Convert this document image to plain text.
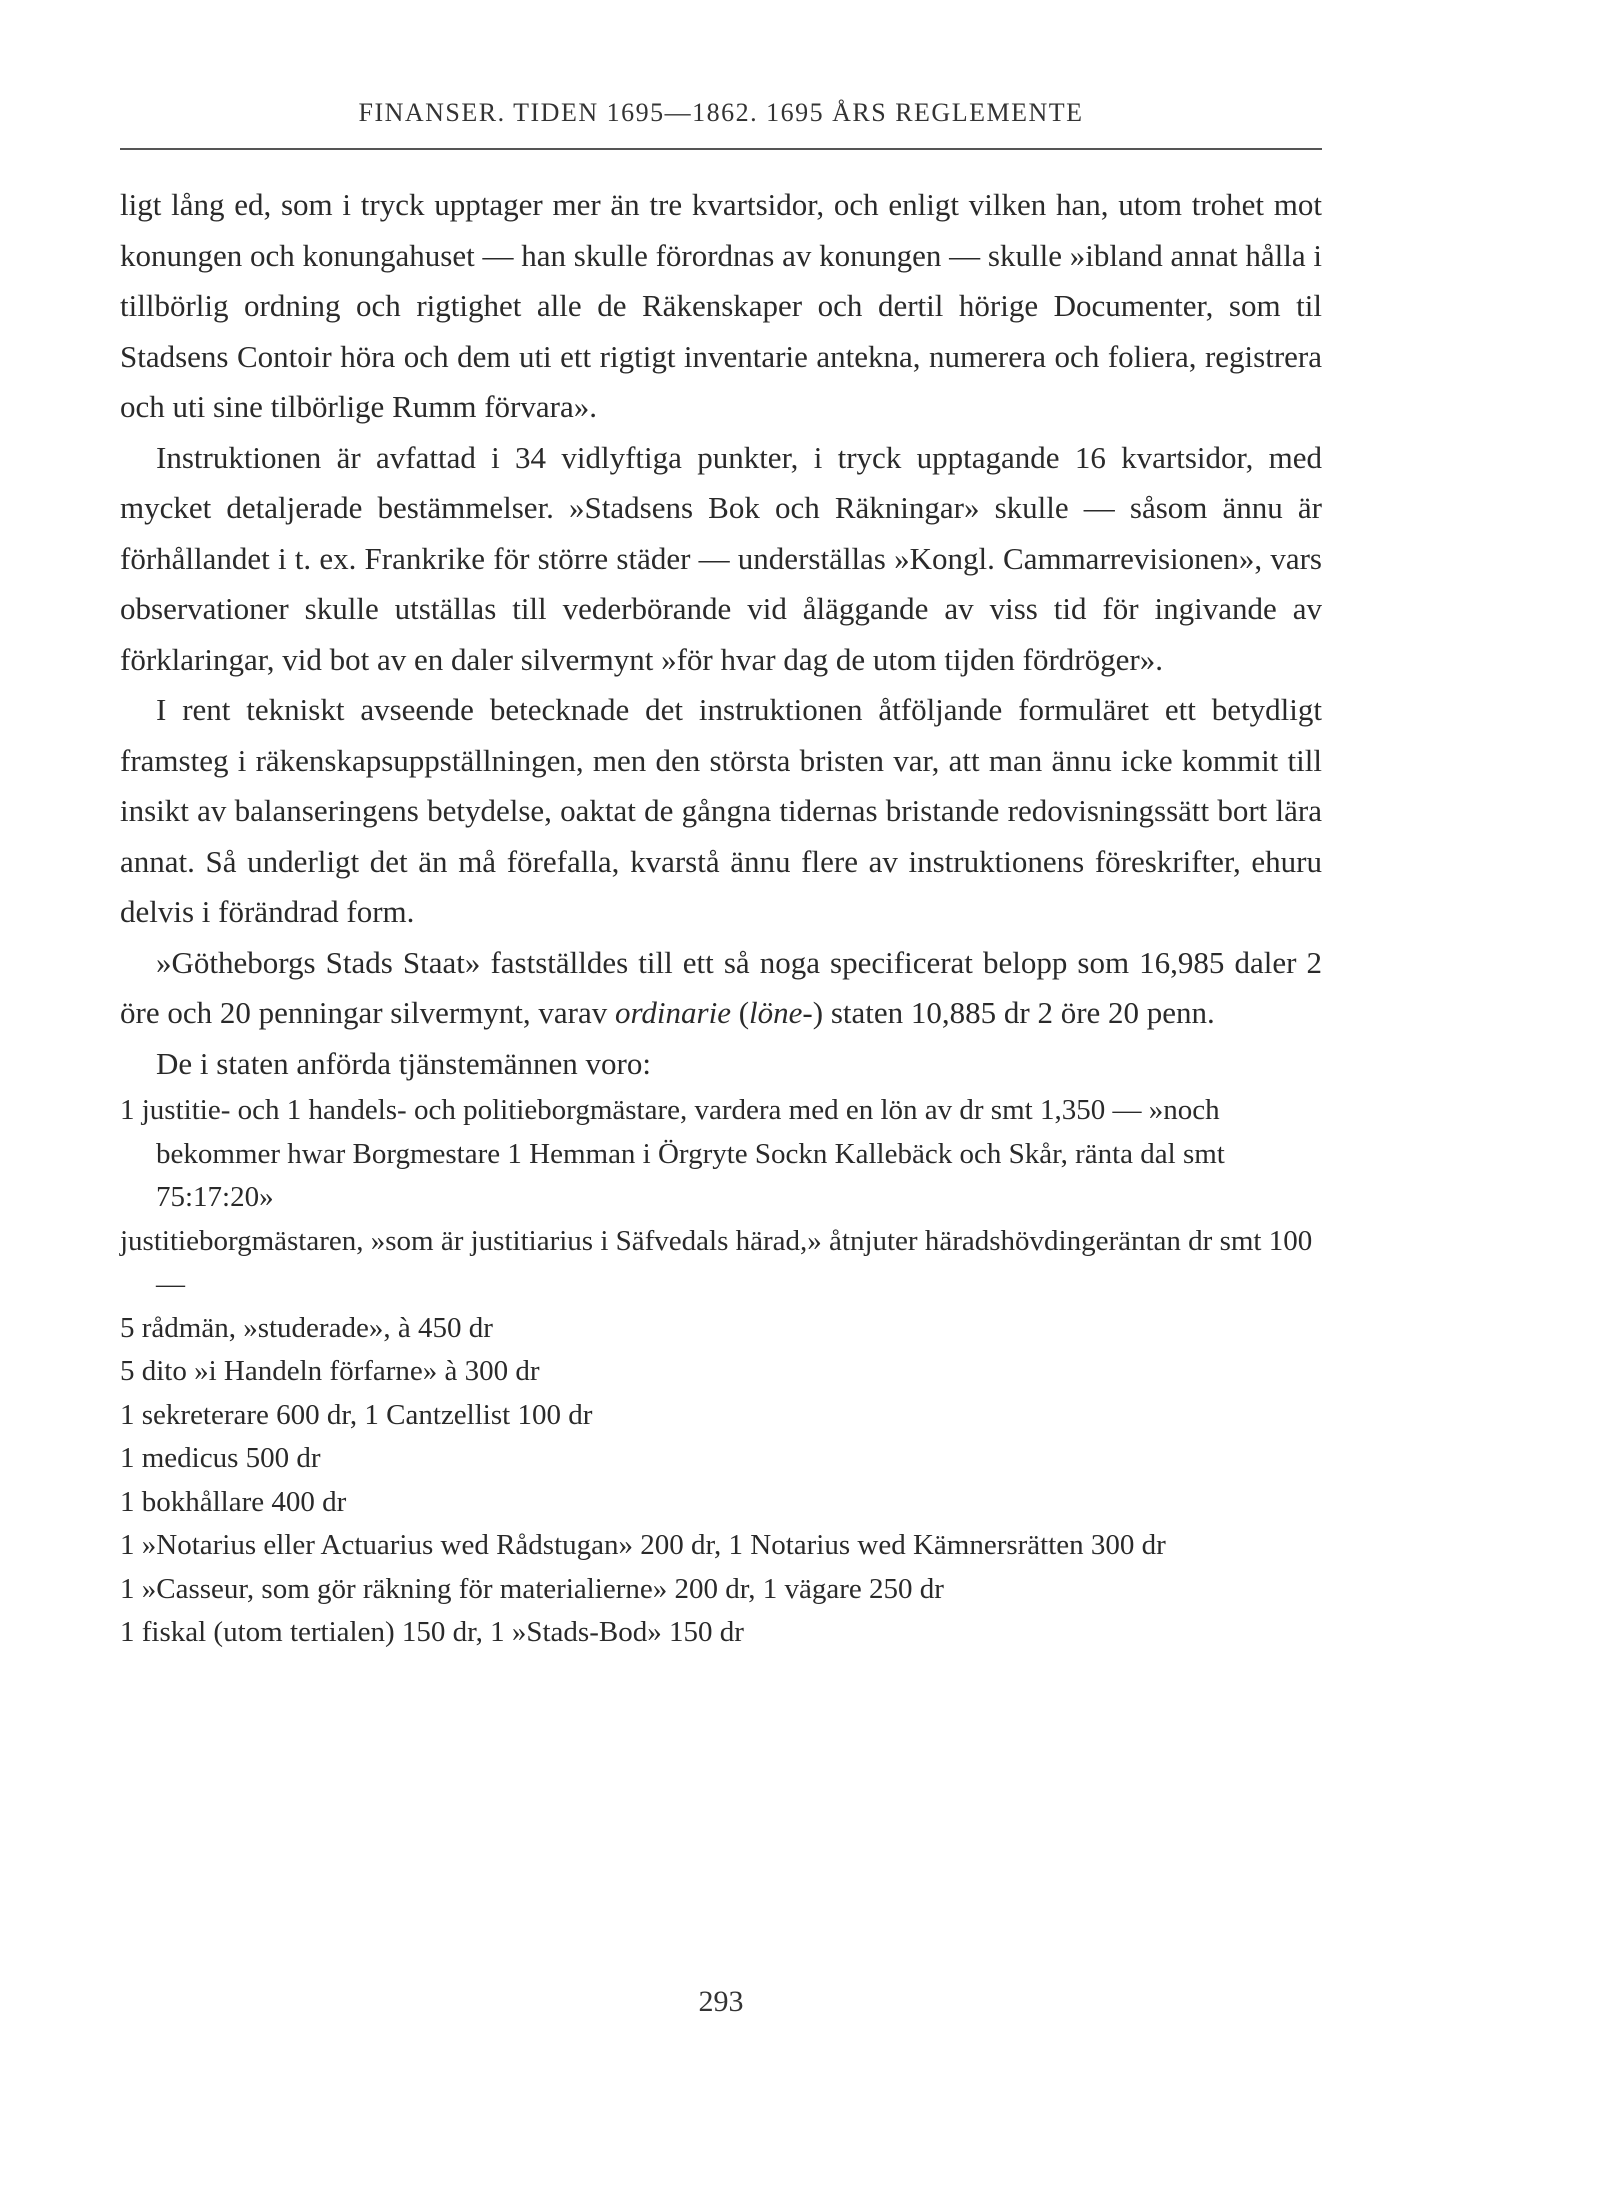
FINANSER. TIDEN 1695—1862. 1695 ÅRS REGLEMENTE

ligt lång ed, som i tryck upptager mer än tre kvartsidor, och enligt vilken han, utom trohet mot konungen och konungahuset — han skulle förordnas av konungen — skulle »ibland annat hålla i tillbörlig ordning och rigtighet alle de Räkenskaper och dertil hörige Documenter, som til Stadsens Contoir höra och dem uti ett rigtigt inventarie antekna, numerera och foliera, registrera och uti sine tilbörlige Rumm förvara».

Instruktionen är avfattad i 34 vidlyftiga punkter, i tryck upptagande 16 kvartsidor, med mycket detaljerade bestämmelser. »Stadsens Bok och Räkningar» skulle — såsom ännu är förhållandet i t. ex. Frankrike för större städer — underställas »Kongl. Cammarrevisionen», vars observationer skulle utställas till vederbörande vid åläggande av viss tid för ingivande av förklaringar, vid bot av en daler silvermynt »för hvar dag de utom tijden fördröger».

I rent tekniskt avseende betecknade det instruktionen åtföljande formuläret ett betydligt framsteg i räkenskapsuppställningen, men den största bristen var, att man ännu icke kommit till insikt av balanseringens betydelse, oaktat de gångna tidernas bristande redovisningssätt bort lära annat. Så underligt det än må förefalla, kvarstå ännu flere av instruktionens föreskrifter, ehuru delvis i förändrad form.

»Götheborgs Stads Staat» fastställdes till ett så noga specificerat belopp som 16,985 daler 2 öre och 20 penningar silvermynt, varav ordinarie (löne-) staten 10,885 dr 2 öre 20 penn.

De i staten anförda tjänstemännen voro:

1 justitie- och 1 handels- och politieborgmästare, vardera med en lön av dr smt 1,350 — »noch bekommer hwar Borgmestare 1 Hemman i Örgryte Sockn Kallebäck och Skår, ränta dal smt 75:17:20»
justitieborgmästaren, »som är justitiarius i Säfvedals härad,» åtnjuter häradshövdingeräntan dr smt 100 —
5 rådmän, »studerade», à 450 dr
5 dito »i Handeln förfarne» à 300 dr
1 sekreterare 600 dr, 1 Cantzellist 100 dr
1 medicus 500 dr
1 bokhållare 400 dr
1 »Notarius eller Actuarius wed Rådstugan» 200 dr, 1 Notarius wed Kämnersrätten 300 dr
1 »Casseur, som gör räkning för materialierne» 200 dr, 1 vägare 250 dr
1 fiskal (utom tertialen) 150 dr, 1 »Stads-Bod» 150 dr
293
